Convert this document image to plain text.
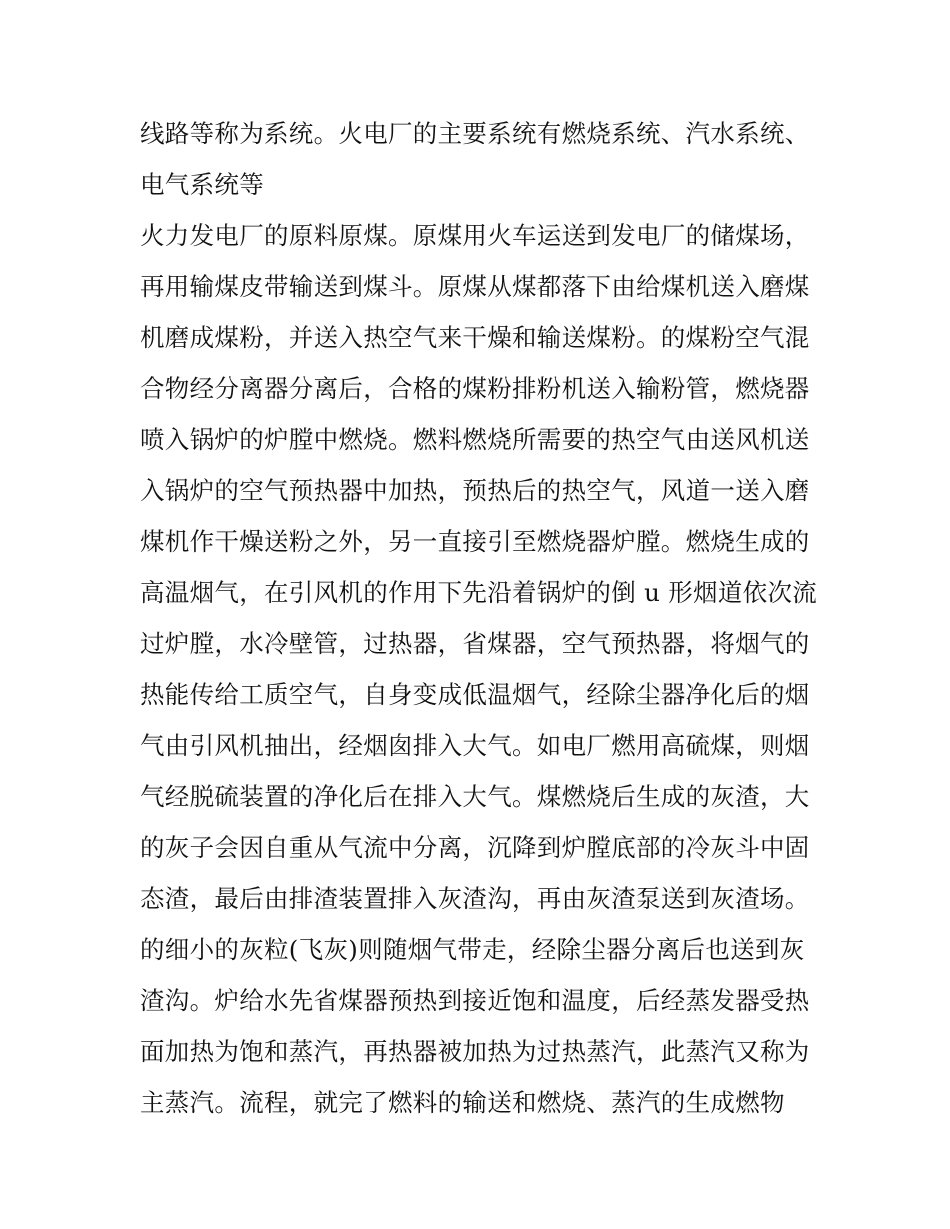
线路等称为系统。火电厂的主要系统有燃烧系统、汽水系统、
电气系统等
火力发电厂的原料原煤。原煤用火车运送到发电厂的储煤场，
再用输煤皮带输送到煤斗。原煤从煤都落下由给煤机送入磨煤
机磨成煤粉，并送入热空气来干燥和输送煤粉。的煤粉空气混
合物经分离器分离后，合格的煤粉排粉机送入输粉管，燃烧器
喷入锅炉的炉膛中燃烧。燃料燃烧所需要的热空气由送风机送
入锅炉的空气预热器中加热，预热后的热空气，风道一送入磨
煤机作干燥送粉之外，另一直接引至燃烧器炉膛。燃烧生成的
高温烟气，在引风机的作用下先沿着锅炉的倒 u 形烟道依次流
过炉膛，水冷壁管，过热器，省煤器，空气预热器，将烟气的
热能传给工质空气，自身变成低温烟气，经除尘器净化后的烟
气由引风机抽出，经烟囱排入大气。如电厂燃用高硫煤，则烟
气经脱硫装置的净化后在排入大气。煤燃烧后生成的灰渣，大
的灰子会因自重从气流中分离，沉降到炉膛底部的冷灰斗中固
态渣，最后由排渣装置排入灰渣沟，再由灰渣泵送到灰渣场。
的细小的灰粒(飞灰)则随烟气带走，经除尘器分离后也送到灰
渣沟。炉给水先省煤器预热到接近饱和温度，后经蒸发器受热
面加热为饱和蒸汽，再热器被加热为过热蒸汽，此蒸汽又称为
主蒸汽。流程，就完了燃料的输送和燃烧、蒸汽的生成燃物
